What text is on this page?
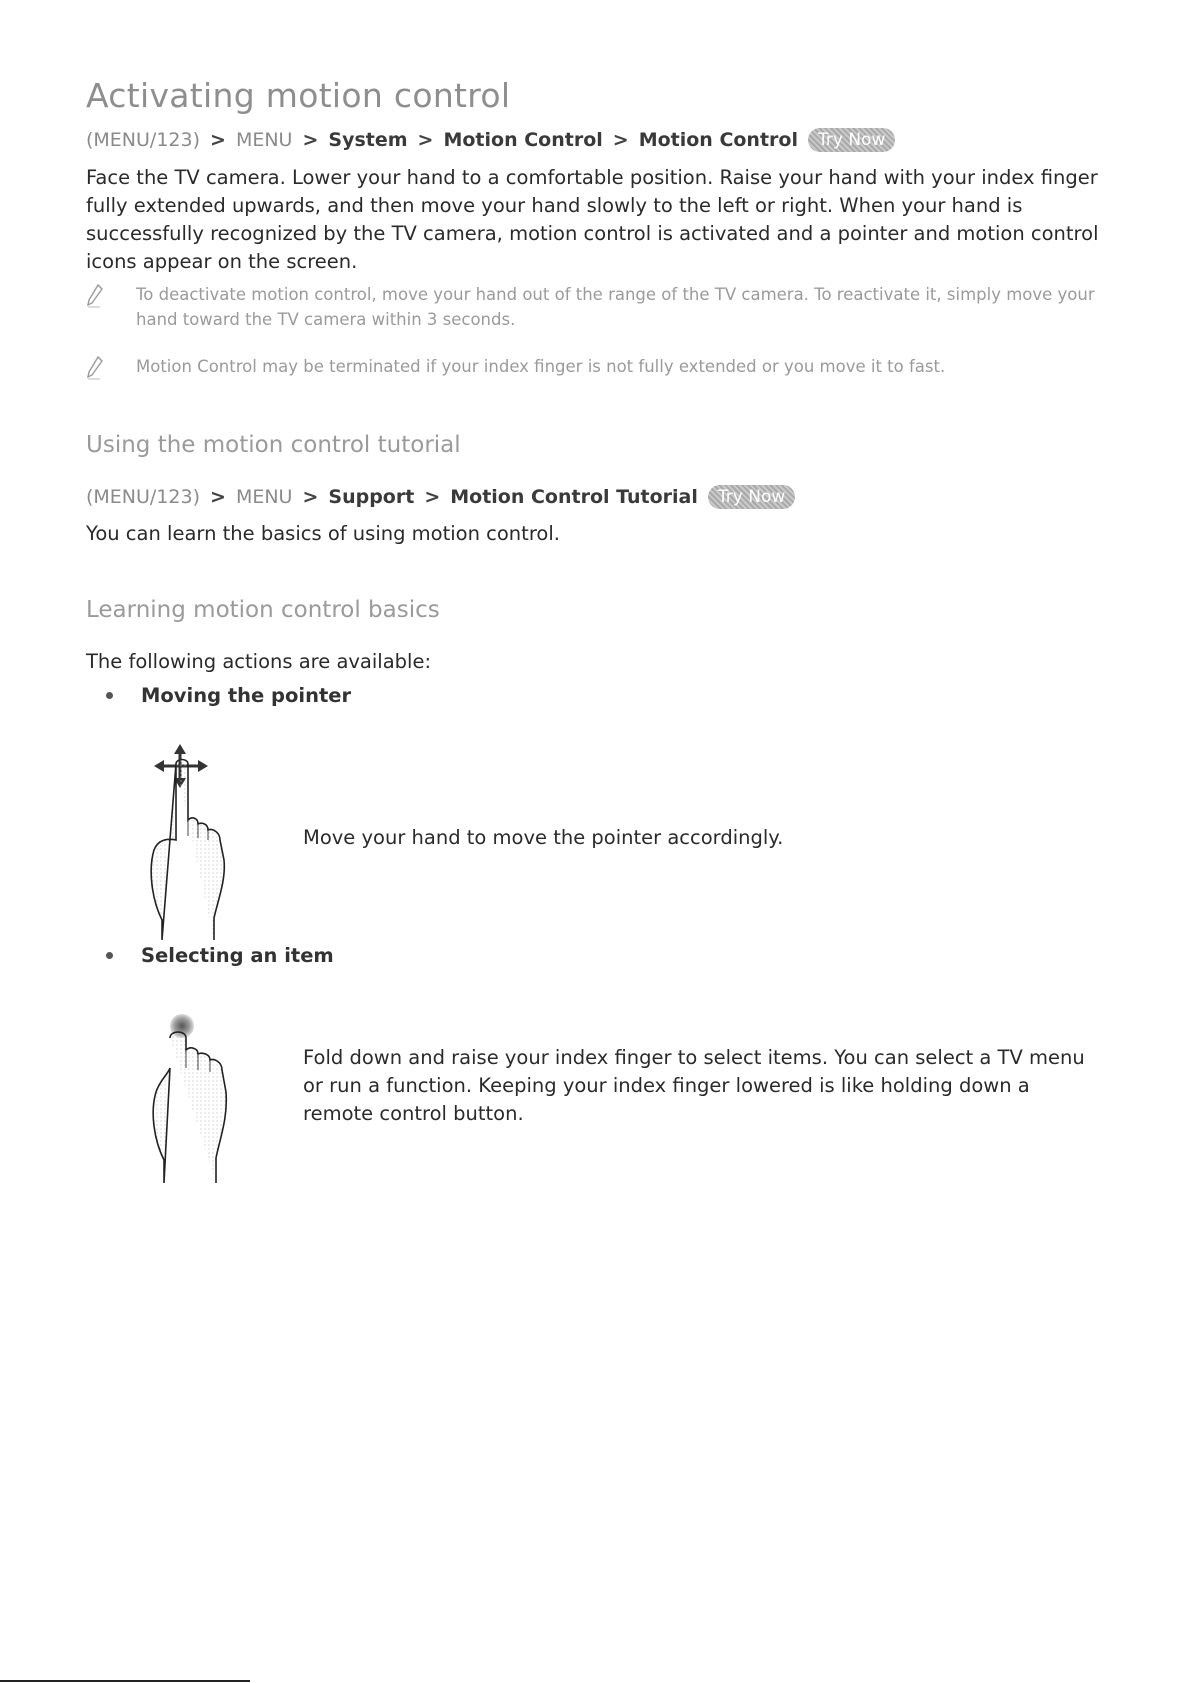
Activating motion control
(MENU/123) > MENU > System > Motion Control > Motion Control	Try Now
Face the TV camera. Lower your hand to a comfortable position. Raise your hand with your index finger fully extended upwards, and then move your hand slowly to the left or right. When your hand is successfully recognized by the TV camera, motion control is activated and a pointer and motion control icons appear on the screen.
To deactivate motion control, move your hand out of the range of the TV camera. To reactivate it, simply move your hand toward the TV camera within 3 seconds.
Motion Control may be terminated if your index finger is not fully extended or you move it to fast.
Using the motion control tutorial
(MENU/123) > MENU > Support > Motion Control Tutorial	Try Now
You can learn the basics of using motion control.
Learning motion control basics
The following actions are available:
Moving the pointer
Move your hand to move the pointer accordingly.
Selecting an item
Fold down and raise your index finger to select items. You can select a TV menu or run a function. Keeping your index finger lowered is like holding down a remote control button.
